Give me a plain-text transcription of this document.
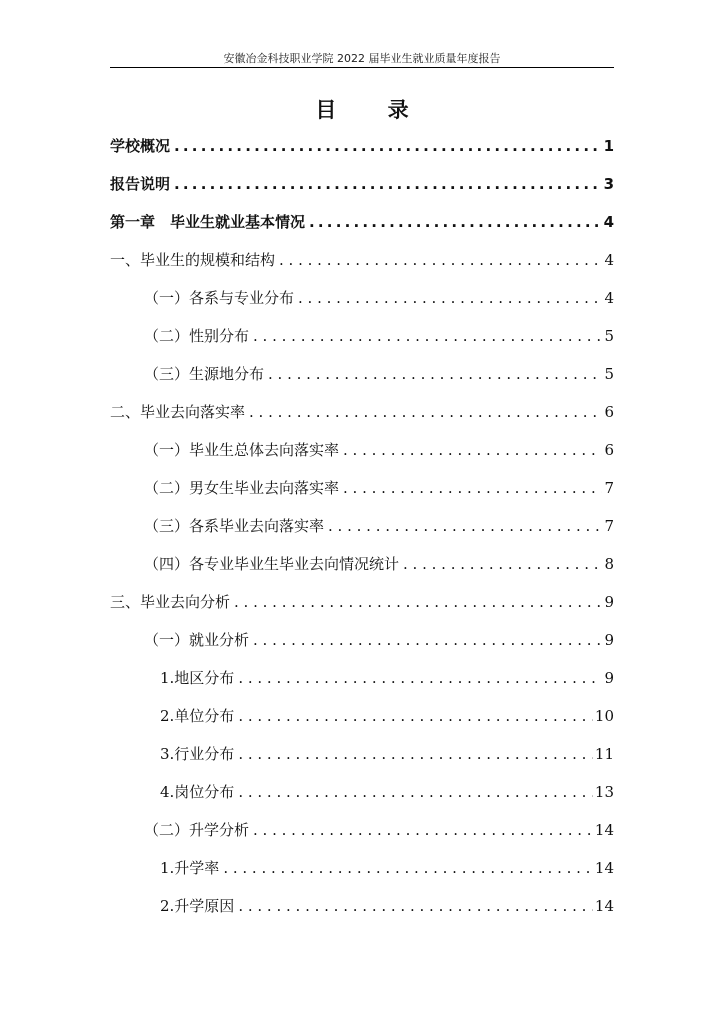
安徽冶金科技职业学院 2022 届毕业生就业质量年度报告
目 录
学校概况 .....	1
报告说明 .....	3
第一章　毕业生就业基本情况 .....	4
一、毕业生的规模和结构 . . .	4
（一）各系与专业分布 . . .	4
（二）性别分布 . . .	5
（三）生源地分布 . . .	5
二、毕业去向落实率 . . .	6
（一）毕业生总体去向落实率 . . .	6
（二）男女生毕业去向落实率 . . .	7
（三）各系毕业去向落实率 . . .	7
（四）各专业毕业生毕业去向情况统计 . . .	8
三、毕业去向分析 . . .	9
（一）就业分析 . . .	9
1.地区分布 . . .	9
2.单位分布 . . .	10
3.行业分布 . . .	11
4.岗位分布 . . .	13
（二）升学分析 . . .	14
1.升学率 . . .	14
2.升学原因 . . .	14
